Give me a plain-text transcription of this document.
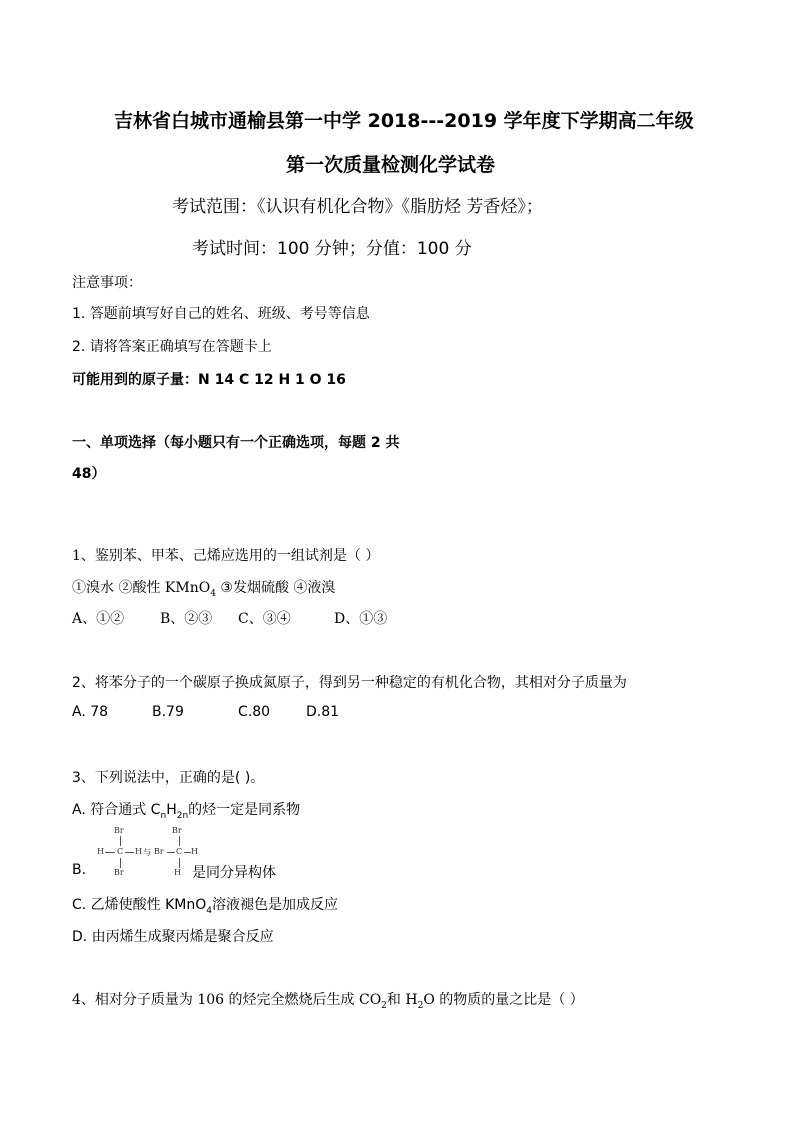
吉林省白城市通榆县第一中学 2018---2019 学年度下学期高二年级
第一次质量检测化学试卷
考试范围：《认识有机化合物》《脂肪烃 芳香烃》；
考试时间：100 分钟；分值：100 分
注意事项：
1. 答题前填写好自己的姓名、班级、考号等信息
2. 请将答案正确填写在答题卡上
可能用到的原子量：N 14 C 12 H 1 O 16
一、单项选择（每小题只有一个正确选项，每题 2 共
48）
1、鉴别苯、甲苯、己烯应选用的一组试剂是（ ）
①溴水 ②酸性 KMnO$_4$ ③发烟硫酸 ④液溴
A、①②	B、②③ C、③④	D、①③
2、将苯分子的一个碳原子换成氮原子，得到另一种稳定的有机化合物，其相对分子质量为
A. 78	B.79	C.80	D.81
3、下列说法中，正确的是( )。
A. 符合通式 $C_nH_{2n}$的烃一定是同系物
B.
Br
H C H
Br
与 Br
Br
C H
H 是同分异构体
C. 乙烯使酸性 KMnO$_4$溶液褪色是加成反应
D. 由丙烯生成聚丙烯是聚合反应
4、相对分子质量为 106 的烃完全燃烧后生成 $CO_2$和 $H_2O$ 的物质的量之比是（ ）
